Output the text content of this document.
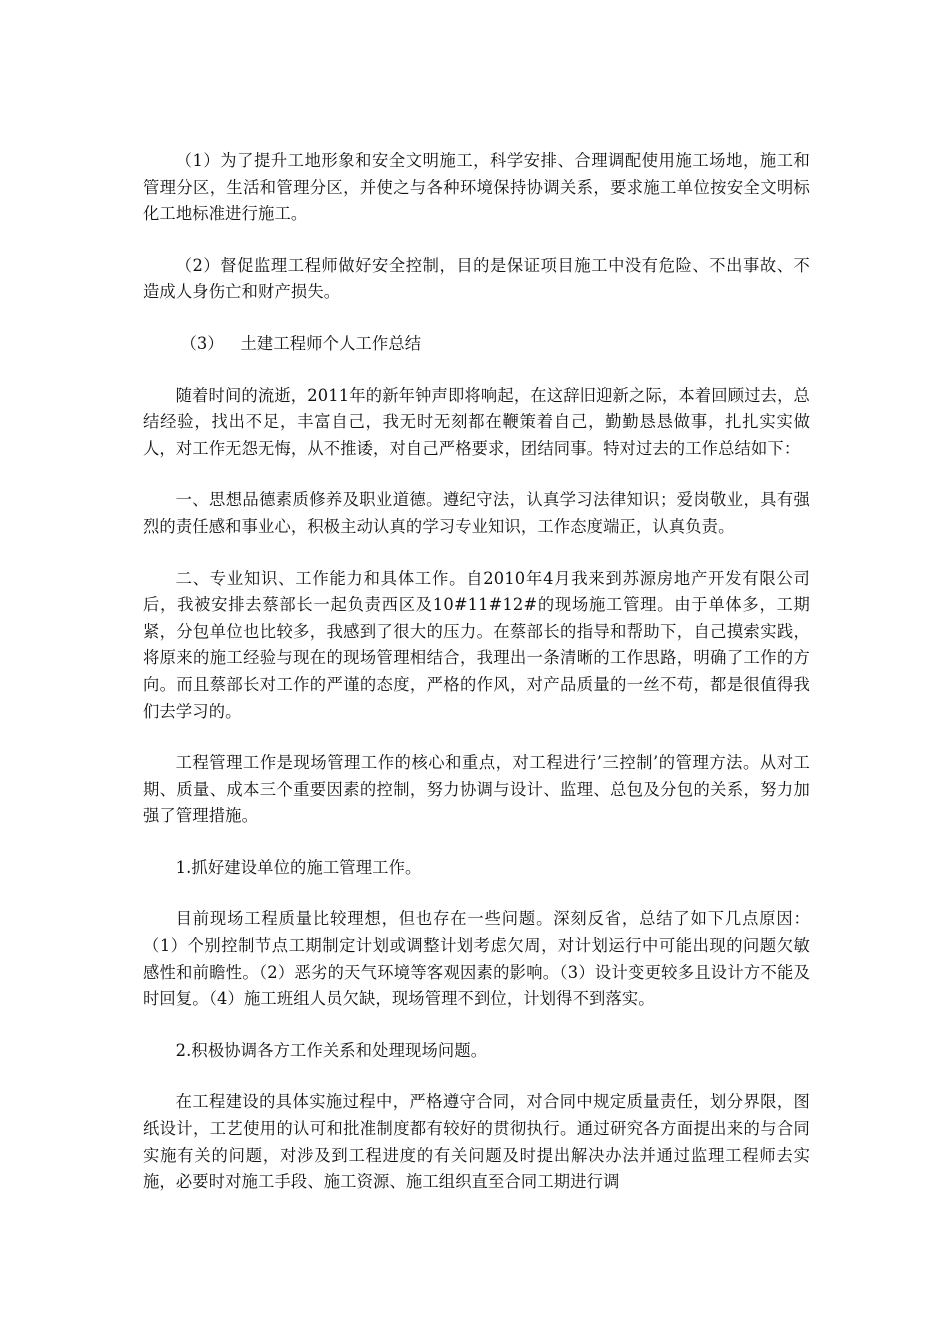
（1）为了提升工地形象和安全文明施工，科学安排、合理调配使用施工场地，施工和管理分区，生活和管理分区，并使之与各种环境保持协调关系，要求施工单位按安全文明标化工地标准进行施工。

（2）督促监理工程师做好安全控制，目的是保证项目施工中没有危险、不出事故、不造成人身伤亡和财产损失。

（3） 土建工程师个人工作总结

随着时间的流逝，2011年的新年钟声即将响起，在这辞旧迎新之际，本着回顾过去，总结经验，找出不足，丰富自己，我无时无刻都在鞭策着自己，勤勤恳恳做事，扎扎实实做人，对工作无怨无悔，从不推诿，对自己严格要求，团结同事。特对过去的工作总结如下：

一、思想品德素质修养及职业道德。遵纪守法，认真学习法律知识；爱岗敬业，具有强烈的责任感和事业心，积极主动认真的学习专业知识，工作态度端正，认真负责。

二、专业知识、工作能力和具体工作。自2010年4月我来到苏源房地产开发有限公司后，我被安排去蔡部长一起负责西区及10#11#12#的现场施工管理。由于单体多，工期紧，分包单位也比较多，我感到了很大的压力。在蔡部长的指导和帮助下，自己摸索实践，将原来的施工经验与现在的现场管理相结合，我理出一条清晰的工作思路，明确了工作的方向。而且蔡部长对工作的严谨的态度，严格的作风，对产品质量的一丝不苟，都是很值得我们去学习的。

工程管理工作是现场管理工作的核心和重点，对工程进行’三控制’的管理方法。从对工期、质量、成本三个重要因素的控制，努力协调与设计、监理、总包及分包的关系，努力加强了管理措施。

1.抓好建设单位的施工管理工作。

目前现场工程质量比较理想，但也存在一些问题。深刻反省，总结了如下几点原因：（1）个别控制节点工期制定计划或调整计划考虑欠周，对计划运行中可能出现的问题欠敏感性和前瞻性。（2）恶劣的天气环境等客观因素的影响。（3）设计变更较多且设计方不能及时回复。（4）施工班组人员欠缺，现场管理不到位，计划得不到落实。

2.积极协调各方工作关系和处理现场问题。

在工程建设的具体实施过程中，严格遵守合同，对合同中规定质量责任，划分界限，图纸设计，工艺使用的认可和批准制度都有较好的贯彻执行。通过研究各方面提出来的与合同实施有关的问题，对涉及到工程进度的有关问题及时提出解决办法并通过监理工程师去实施，必要时对施工手段、施工资源、施工组织直至合同工期进行调
